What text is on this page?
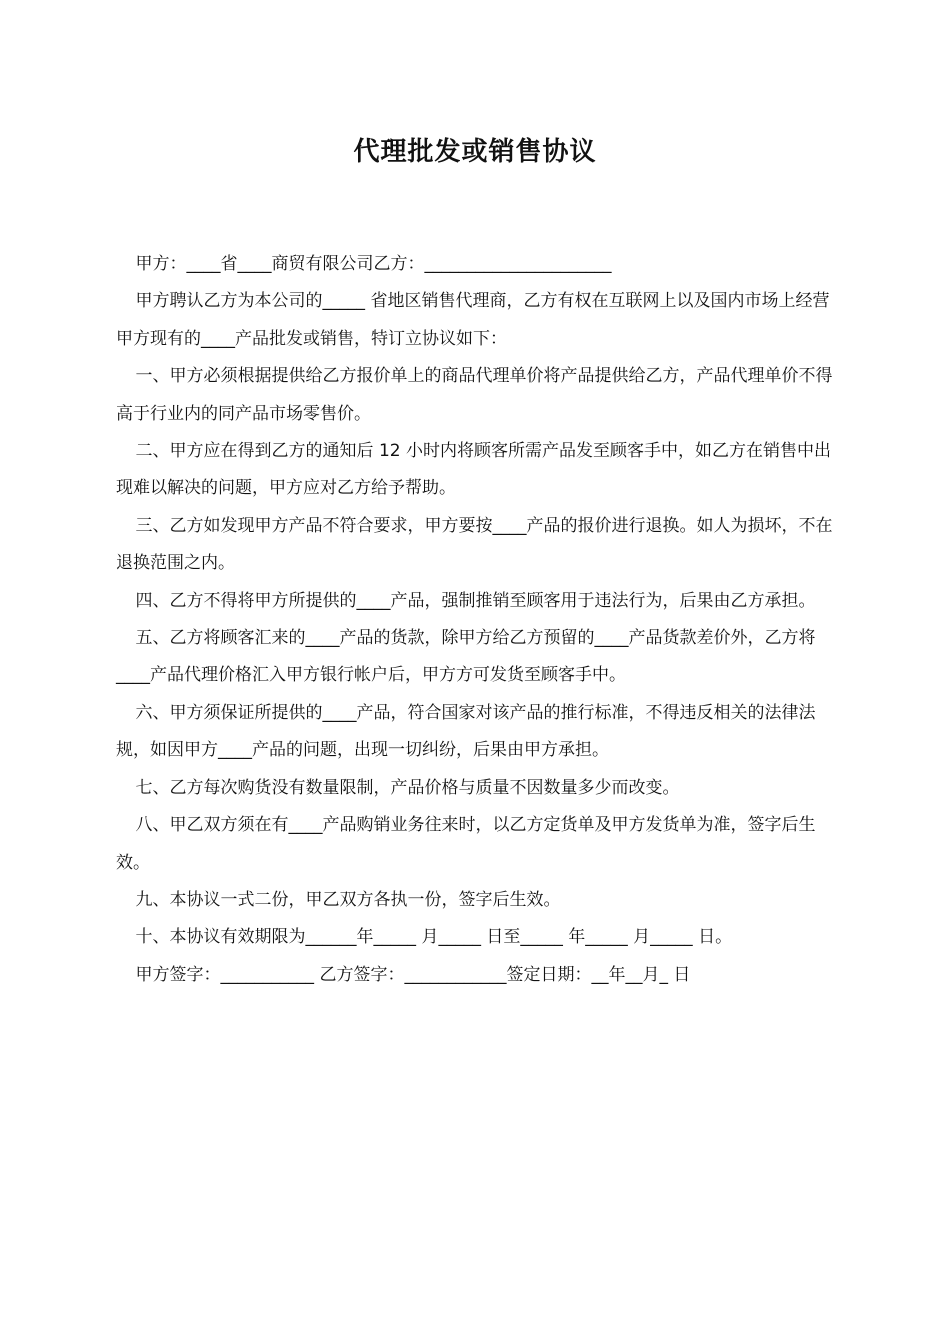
代理批发或销售协议

甲方：____省____商贸有限公司乙方：______________________

甲方聘认乙方为本公司的_____ 省地区销售代理商，乙方有权在互联网上以及国内市场上经营甲方现有的____产品批发或销售，特订立协议如下：

一、甲方必须根据提供给乙方报价单上的商品代理单价将产品提供给乙方，产品代理单价不得高于行业内的同产品市场零售价。

二、甲方应在得到乙方的通知后 12 小时内将顾客所需产品发至顾客手中，如乙方在销售中出现难以解决的问题，甲方应对乙方给予帮助。

三、乙方如发现甲方产品不符合要求，甲方要按____产品的报价进行退换。如人为损坏，不在退换范围之内。

四、乙方不得将甲方所提供的____产品，强制推销至顾客用于违法行为，后果由乙方承担。

五、乙方将顾客汇来的____产品的货款，除甲方给乙方预留的____产品货款差价外，乙方将____产品代理价格汇入甲方银行帐户后，甲方方可发货至顾客手中。

六、甲方须保证所提供的____产品，符合国家对该产品的推行标准，不得违反相关的法律法规，如因甲方____产品的问题，出现一切纠纷，后果由甲方承担。

七、乙方每次购货没有数量限制，产品价格与质量不因数量多少而改变。

八、甲乙双方须在有____产品购销业务往来时，以乙方定货单及甲方发货单为准，签字后生效。

九、本协议一式二份，甲乙双方各执一份，签字后生效。

十、本协议有效期限为______年_____ 月_____ 日至_____ 年_____ 月_____ 日。

甲方签字：___________ 乙方签字：____________签定日期：__年__月_ 日
